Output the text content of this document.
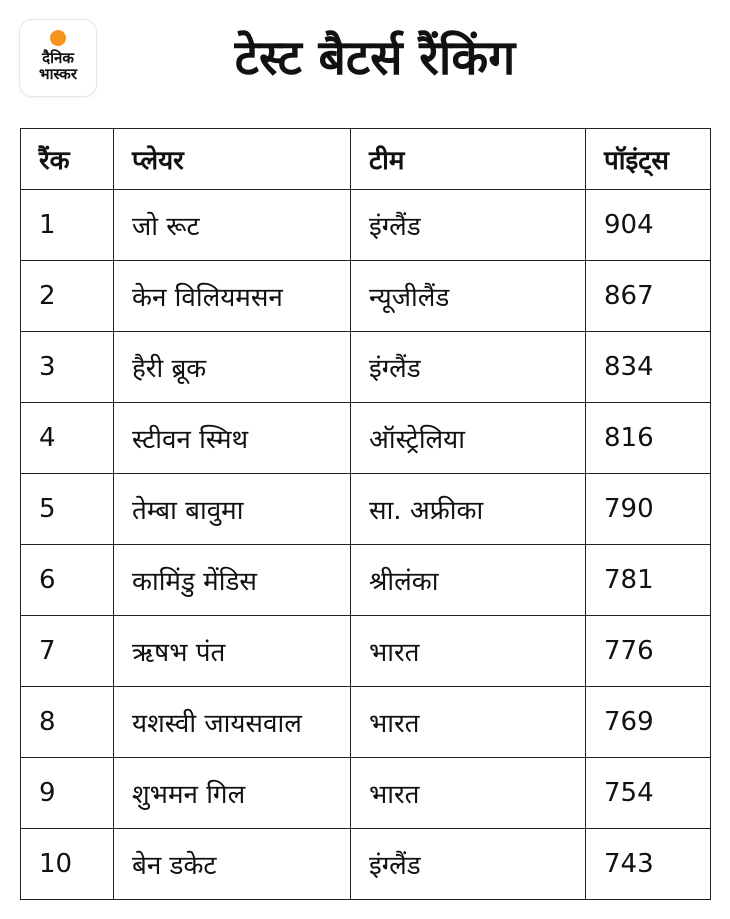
दैनिक
भास्कर	टेस्ट बैटर्स रैंकिंग
रैंक	प्लेयर	टीम	पॉइंट्स
1	जो रूट	इंग्लैंड	904
2	केन विलियमसन	न्यूजीलैंड	867
3	हैरी ब्रूक	इंग्लैंड	834
4	स्टीवन स्मिथ	ऑस्ट्रेलिया	816
5	तेम्बा बावुमा	सा. अफ्रीका	790
6	कामिंडु मेंडिस	श्रीलंका	781
7	ऋषभ पंत	भारत	776
8	यशस्वी जायसवाल	भारत	769
9	शुभमन गिल	भारत	754
10	बेन डकेट	इंग्लैंड	743
